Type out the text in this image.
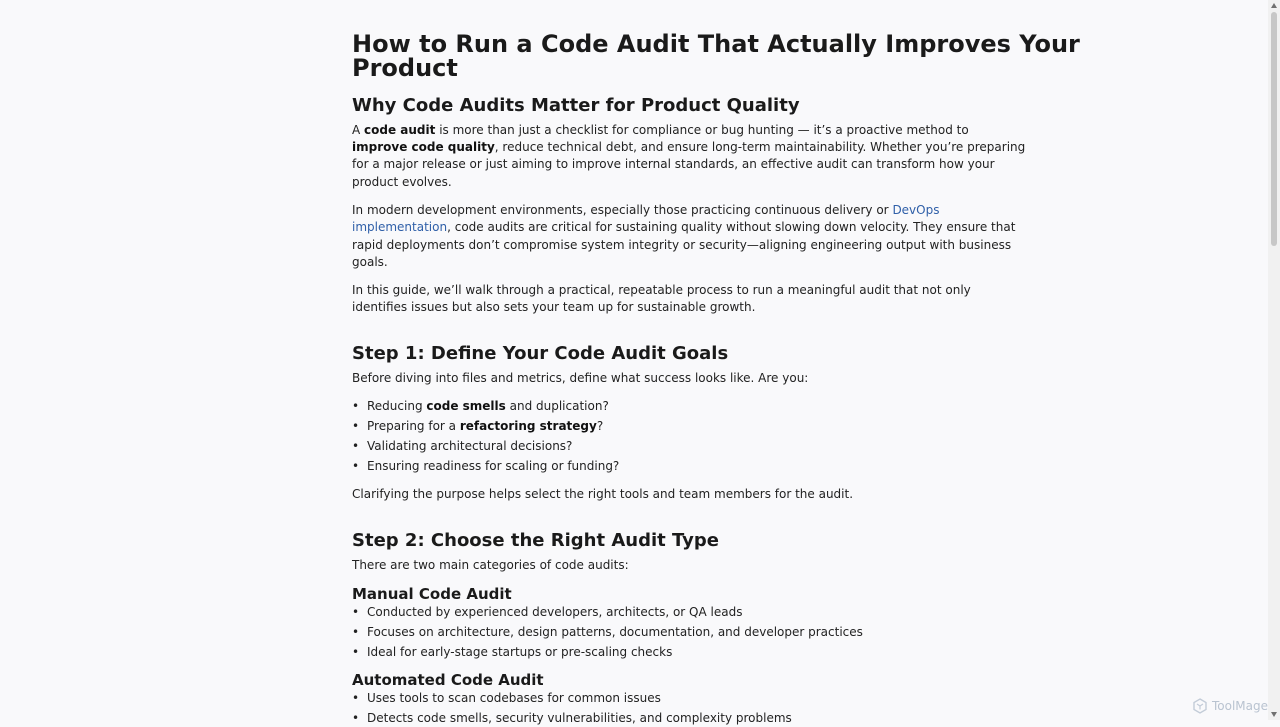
How to Run a Code Audit That Actually Improves Your
Product
Why Code Audits Matter for Product Quality

A code audit is more than just a checklist for compliance or bug hunting — it’s a proactive method to

improve code quality, reduce technical debt, and ensure long-term maintainability. Whether you’re preparing

for a major release or just aiming to improve internal standards, an effective audit can transform how your

product evolves.

In modern development environments, especially those practicing continuous delivery or DevOps

implementation, code audits are critical for sustaining quality without slowing down velocity. They ensure that

rapid deployments don’t compromise system integrity or security—aligning engineering output with business

goals.

In this guide, we’ll walk through a practical, repeatable process to run a meaningful audit that not only

identifies issues but also sets your team up for sustainable growth.

Step 1: Define Your Code Audit Goals

Before diving into files and metrics, define what success looks like. Are you:

• Reducing code smells and duplication?
• Preparing for a refactoring strategy?
• Validating architectural decisions?
• Ensuring readiness for scaling or funding?

Clarifying the purpose helps select the right tools and team members for the audit.

Step 2: Choose the Right Audit Type

There are two main categories of code audits:

Manual Code Audit
• Conducted by experienced developers, architects, or QA leads
• Focuses on architecture, design patterns, documentation, and developer practices
• Ideal for early-stage startups or pre-scaling checks
Automated Code Audit
• Uses tools to scan codebases for common issues
• Detects code smells, security vulnerabilities, and complexity problems
ToolMage
